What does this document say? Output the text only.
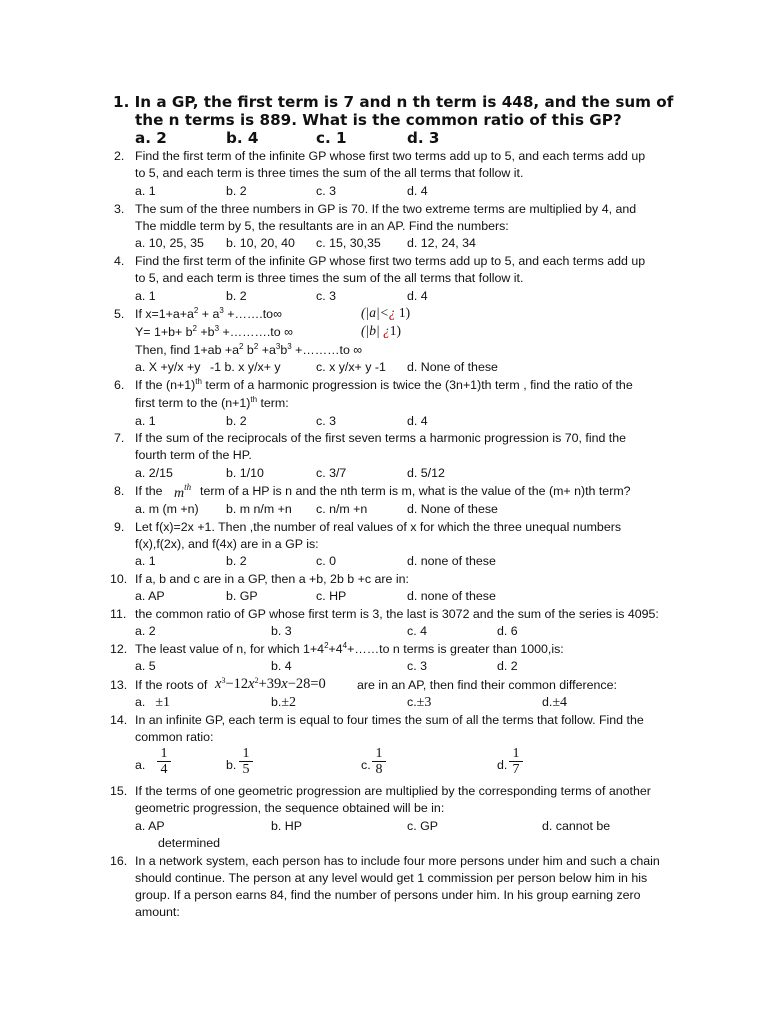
1. In a GP, the first term is 7 and n th term is 448, and the sum of
the n terms is 889. What is the common ratio of this GP?
a. 2	b. 4	c. 1	d. 3
2. Find the first term of the infinite GP whose first two terms add up to 5, and each terms add up
to 5, and each term is three times the sum of the all terms that follow it.
a. 1	b. 2	c. 3	d. 4
3. The sum of the three numbers in GP is 70. If the two extreme terms are multiplied by 4, and
The middle term by 5, the resultants are in an AP. Find the numbers:
a. 10, 25, 35 b. 10, 20, 40 c. 15, 30,35 d. 12, 24, 34
4. Find the first term of the infinite GP whose first two terms add up to 5, and each terms add up
to 5, and each term is three times the sum of the all terms that follow it.
a. 1	b. 2	c. 3	d. 4
5. If $x=1+a+a^2 + a^3$ +…….to∞	(|a|<¿ 1)
$Y= 1+b+ b^2 +b^3$ +……….to ∞	(|b| ¿1)
Then, find $1+ab +a^2$ $b^2 +a^3b^3$ +………to ∞
a. X +y/x +y -1 b. x y/x+ y	c. x y/x+ y -1 d. None of these
6. If the $(n+1)^{th}$ term of a harmonic progression is twice the (3n+1)th term , find the ratio of the
first term to the $(n+1)^{th}$ term:
a. 1	b. 2	c. 3	d. 4
7. If the sum of the reciprocals of the first seven terms a harmonic progression is 70, find the
fourth term of the HP.
a. 2/15	b. 1/10	c. 3/7	d. 5/12
8. If the $m^{th}$ term of a HP is n and the nth term is m, what is the value of the (m+ n)th term?
a. m (m +n) b. m n/m +n c. n/m +n	d. None of these
9. Let f(x)=2x +1. Then ,the number of real values of x for which the three unequal numbers
f(x),f(2x), and f(4x) are in a GP is:
a. 1	b. 2	c. 0	d. none of these
10. If a, b and c are in a GP, then a +b, 2b b +c are in:
a. AP	b. GP	c. HP	d. none of these
11. the common ratio of GP whose first term is 3, the last is 3072 and the sum of the series is 4095:
a. 2	b. 3	c. 4	d. 6
12. The least value of n, for which $1+4^2+4^4+\dots\dots to$ n terms is greater than 1000,is:
a. 5	b. 4	c. 3	d. 2
13. If the roots of $x^3-12x^2+39x-28=0$	are in an AP, then find their common difference:
a. ±1	b.±2	c.±3	d.±4
14. In an infinite GP, each term is equal to four times the sum of all the terms that follow. Find the
common ratio:
a. $\frac{1}{4}$	b. $\frac{1}{5}$	c. $\frac{1}{8}$	d. $\frac{1}{7}$
15. If the terms of one geometric progression are multiplied by the corresponding terms of another
geometric progression, the sequence obtained will be in:
a. AP	b. HP	c. GP	d. cannot be
determined
16. In a network system, each person has to include four more persons under him and such a chain
should continue. The person at any level would get 1 commission per person below him in his
group. If a person earns 84, find the number of persons under him. In his group earning zero
amount:
